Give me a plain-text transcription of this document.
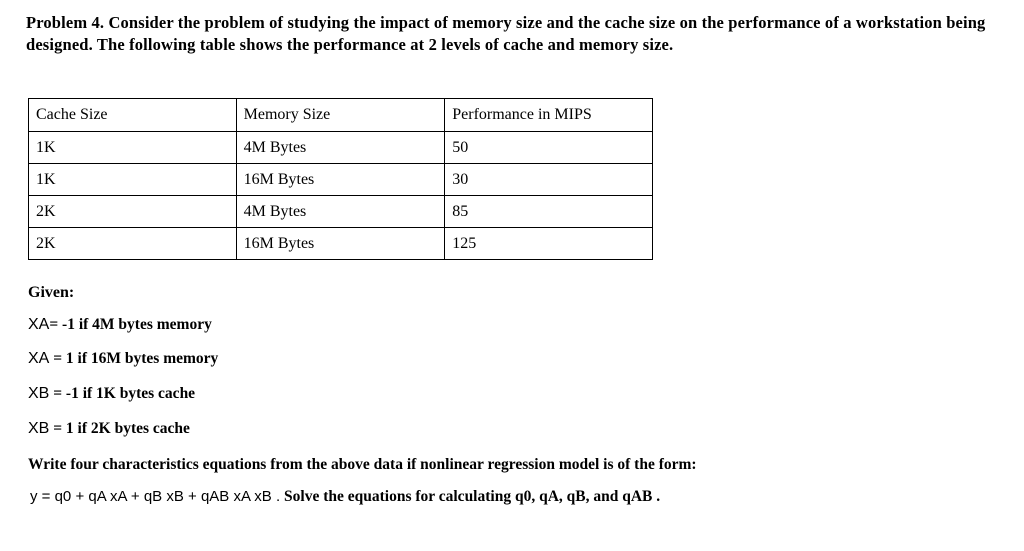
Problem 4. Consider the problem of studying the impact of memory size and the cache size on the performance of a workstation being designed. The following table shows the performance at 2 levels of cache and memory size.
Cache Size	Memory Size	Performance in MIPS
1K	4M Bytes	50
1K	16M Bytes	30
2K	4M Bytes	85
2K	16M Bytes	125
Given:
XA= -1 if 4M bytes memory
XA = 1 if 16M bytes memory
XB = -1 if 1K bytes cache
XB = 1 if 2K bytes cache
Write four characteristics equations from the above data if nonlinear regression model is of the form:
y = q0 + qA xA + qB xB + qAB xA xB . Solve the equations for calculating q0, qA, qB, and qAB .
